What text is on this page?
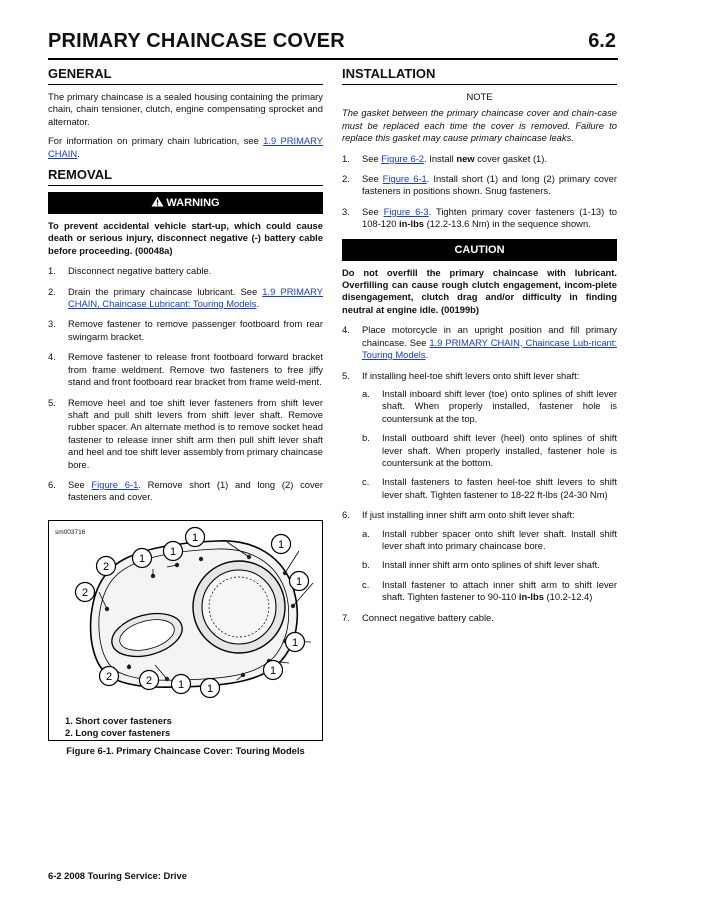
PRIMARY CHAINCASE COVER	6.2
GENERAL

The primary chaincase is a sealed housing containing the primary chain, chain tensioner, clutch, engine compensating sprocket and alternator.

For information on primary chain lubrication, see 1.9 PRIMARY CHAIN.

REMOVAL
WARNING
To prevent accidental vehicle start-up, which could cause death or serious injury, disconnect negative (-) battery cable before proceeding. (00048a)
1. Disconnect negative battery cable.
2. Drain the primary chaincase lubricant. See 1.9 PRIMARY CHAIN, Chaincase Lubricant: Touring Models.
3. Remove fastener to remove passenger footboard from rear swingarm bracket.
4. Remove fastener to release front footboard forward bracket from frame weldment. Remove two fasteners to free jiffy stand and front footboard rear bracket from frame weld-ment.
5. Remove heel and toe shift lever fasteners from shift lever shaft and pull shift levers from shift lever shaft. Remove rubber spacer. An alternate method is to remove socket head fastener to release inner shift arm then pull shift lever shaft and heel and toe shift lever assembly from primary chaincase bore.
6. See Figure 6-1. Remove short (1) and long (2) cover fasteners and cover.
sm003716	1
1
1
1
1
1
1
1 1
2
2
2	2
1. Short cover fasteners
2. Long cover fasteners
Figure 6-1. Primary Chaincase Cover: Touring Models
INSTALLATION
NOTE
The gasket between the primary chaincase cover and chain-case must be replaced each time the cover is removed. Failure to replace this gasket may cause primary chaincase leaks.
1. See Figure 6-2. Install new cover gasket (1).
2. See Figure 6-1. Install short (1) and long (2) primary cover fasteners in positions shown. Snug fasteners.
3. See Figure 6-3. Tighten primary cover fasteners (1-13) to 108-120 in-lbs (12.2-13.6 Nm) in the sequence shown.
CAUTION
Do not overfill the primary chaincase with lubricant. Overfilling can cause rough clutch engagement, incom-plete disengagement, clutch drag and/or difficulty in finding neutral at engine idle. (00199b)
4. Place motorcycle in an upright position and fill primary chaincase. See 1.9 PRIMARY CHAIN, Chaincase Lub-ricant: Touring Models.
5. If installing heel-toe shift levers onto shift lever shaft:
a. Install inboard shift lever (toe) onto splines of shift lever shaft. When properly installed, fastener hole is countersunk at the top.
b. Install outboard shift lever (heel) onto splines of shift lever shaft. When properly installed, fastener hole is countersunk at the bottom.
c. Install fasteners to fasten heel-toe shift levers to shift lever shaft. Tighten fastener to 18-22 ft-lbs (24-30 Nm)
6. If just installing inner shift arm onto shift lever shaft:
a. Install rubber spacer onto shift lever shaft. Install shift lever shaft into primary chaincase bore.
b. Install inner shift arm onto splines of shift lever shaft.
c. Install fastener to attach inner shift arm to shift lever shaft. Tighten fastener to 90-110 in-lbs (10.2-12.4)
7. Connect negative battery cable.
6-2 2008 Touring Service: Drive
